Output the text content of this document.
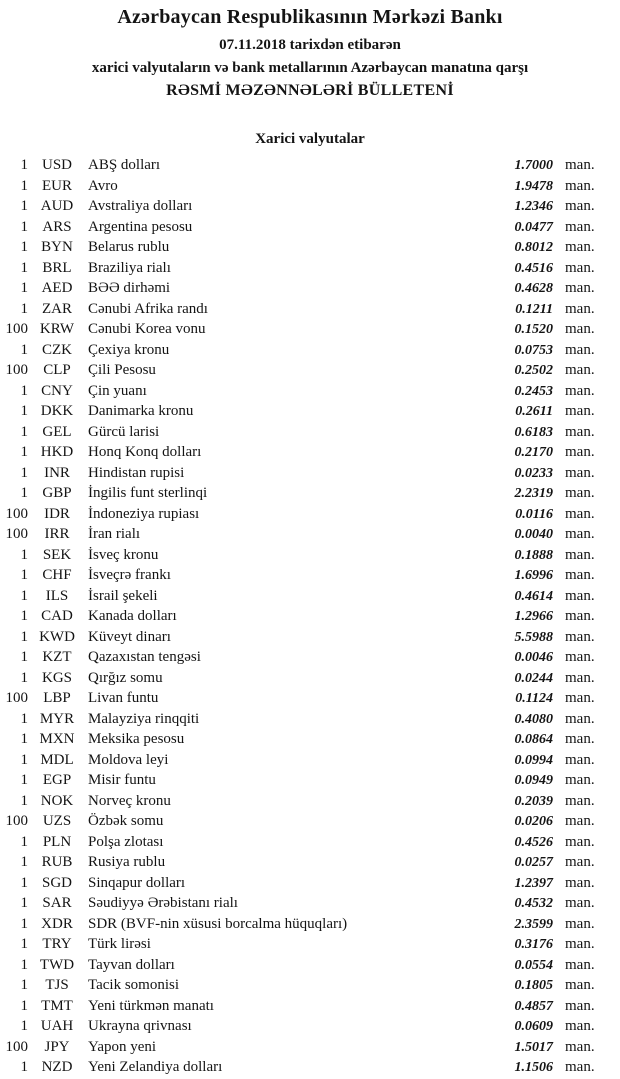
Azərbaycan Respublikasının Mərkəzi Bankı
07.11.2018 tarixdən etibarən
xarici valyutaların və bank metallarının Azərbaycan manatına qarşı
RƏSMİ MƏZƏNNƏLƏRİ BÜLLETENİ
Xarici valyutalar
1 USD	ABŞ dolları	1.7000 man.
1 EUR	Avro	1.9478 man.
1 AUD Avstraliya dolları	1.2346 man.
1 ARS	Argentina pesosu	0.0477 man.
1 BYN	Belarus rublu	0.8012 man.
1 BRL	Braziliya rialı	0.4516 man.
1 AED	BƏƏ dirhəmi	0.4628 man.
1 ZAR	Cənubi Afrika randı	0.1211 man.
100 KRW Cənubi Korea vonu	0.1520 man.
1 CZK	Çexiya kronu	0.0753 man.
100	CLP	Çili Pesosu	0.2502 man.
1 CNY	Çin yuanı	0.2453 man.
1 DKK Danimarka kronu	0.2611 man.
1 GEL	Gürcü larisi	0.6183 man.
1 HKD Honq Konq dolları	0.2170 man.
1	INR	Hindistan rupisi	0.0233 man.
1 GBP	İngilis funt sterlinqi	2.2319 man.
100	IDR	İndoneziya rupiası	0.0116 man.
100	IRR	İran rialı	0.0040 man.
1 SEK	İsveç kronu	0.1888 man.
1 CHF	İsveçrə frankı	1.6996 man.
1	ILS	İsrail şekeli	0.4614 man.
1 CAD	Kanada dolları	1.2966 man.
1 KWD Küveyt dinarı	5.5988 man.
1 KZT	Qazaxıstan tengəsi	0.0046 man.
1 KGS	Qırğız somu	0.0244 man.
100	LBP	Livan funtu	0.1124 man.
1 MYR Malayziya rinqqiti	0.4080 man.
1 MXN Meksika pesosu	0.0864 man.
1 MDL Moldova leyi	0.0994 man.
1 EGP	Misir funtu	0.0949 man.
1 NOK Norveç kronu	0.2039 man.
100 UZS	Özbək somu	0.0206 man.
1 PLN	Polşa zlotası	0.4526 man.
1 RUB	Rusiya rublu	0.0257 man.
1 SGD	Sinqapur dolları	1.2397 man.
1 SAR	Səudiyyə Ərəbistanı rialı	0.4532 man.
1 XDR	SDR (BVF-nin xüsusi borcalma hüquqları)	2.3599 man.
1 TRY	Türk lirəsi	0.3176 man.
1 TWD Tayvan dolları	0.0554 man.
1	TJS	Tacik somonisi	0.1805 man.
1 TMT	Yeni türkmən manatı	0.4857 man.
1 UAH Ukrayna qrivnası	0.0609 man.
100	JPY	Yapon yeni	1.5017 man.
1 NZD	Yeni Zelandiya dolları	1.1506 man.
